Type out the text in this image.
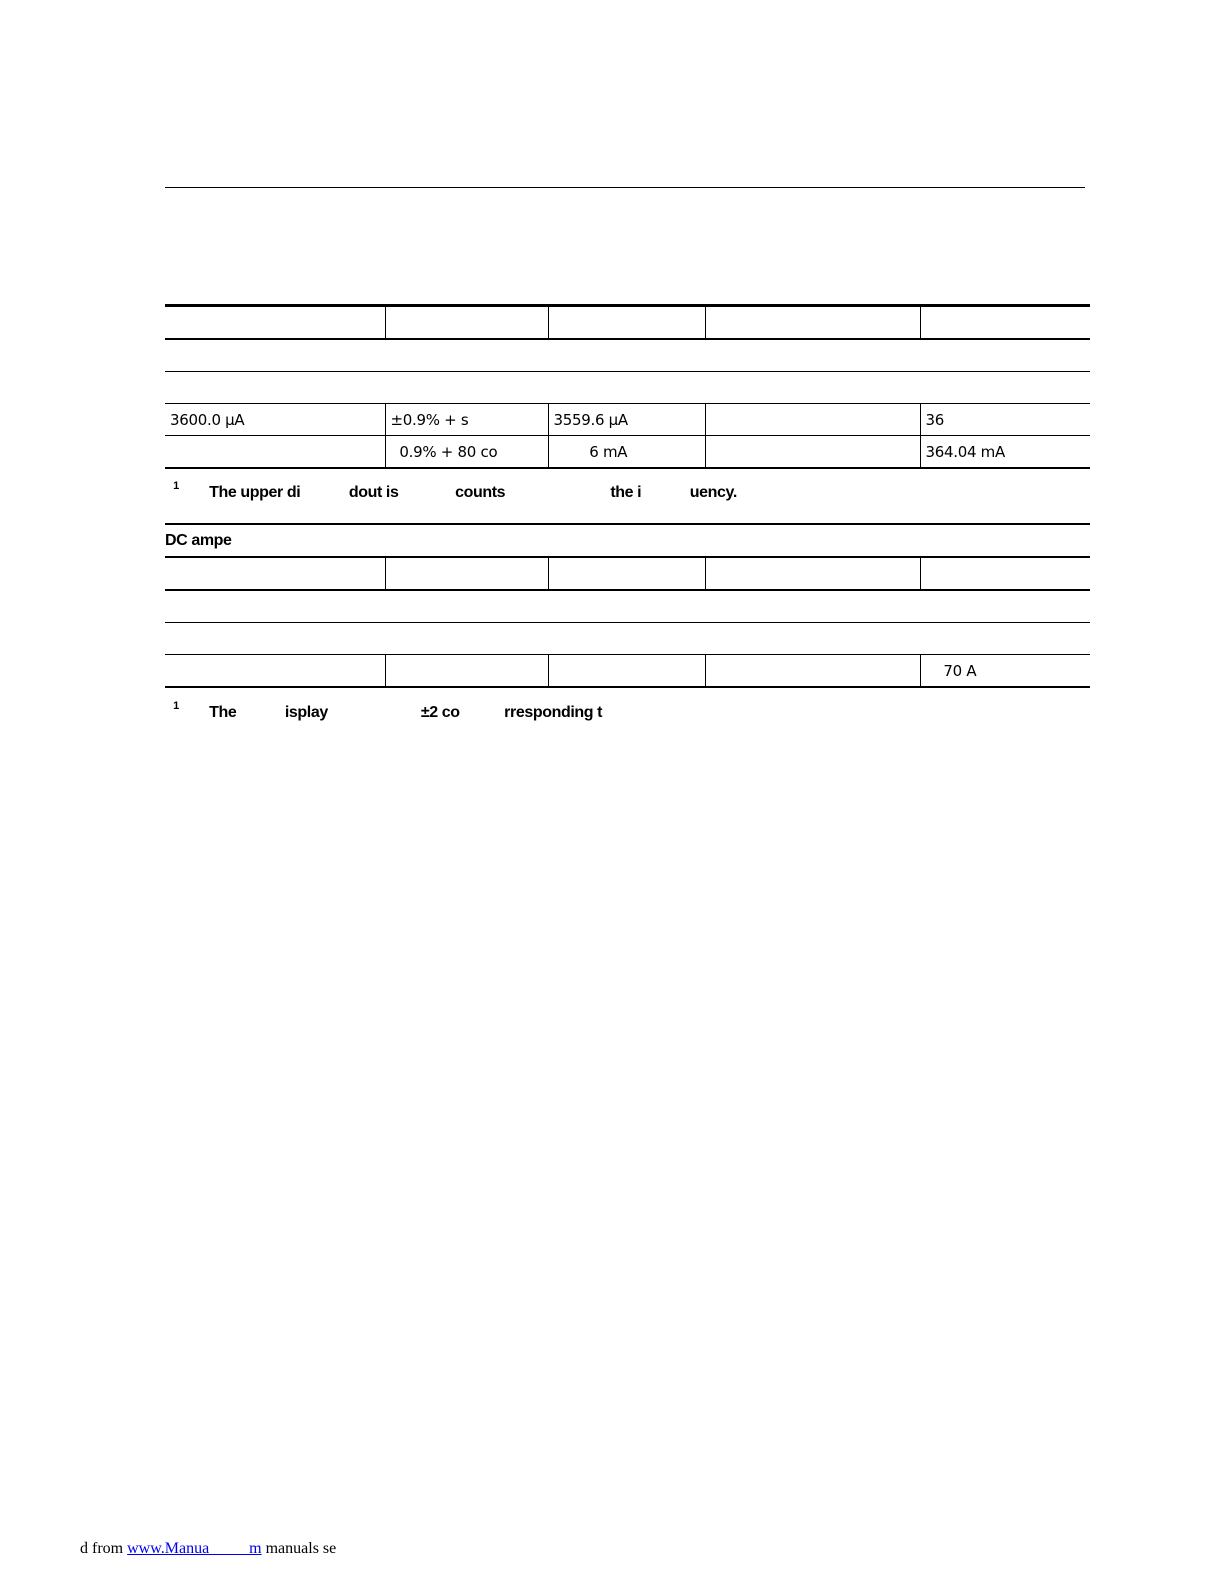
3600.0 μA	±0.9% + s	3559.6 μA		36
	0.9% + 80 co	6 mA		364.04 mA

$^1$ The upper di            dout is              counts                          the i            uency.

DC ampe				

				70 A

$^1$ The            isplay                       ±2 co           rresponding t

d from www.Manua          m manuals se
